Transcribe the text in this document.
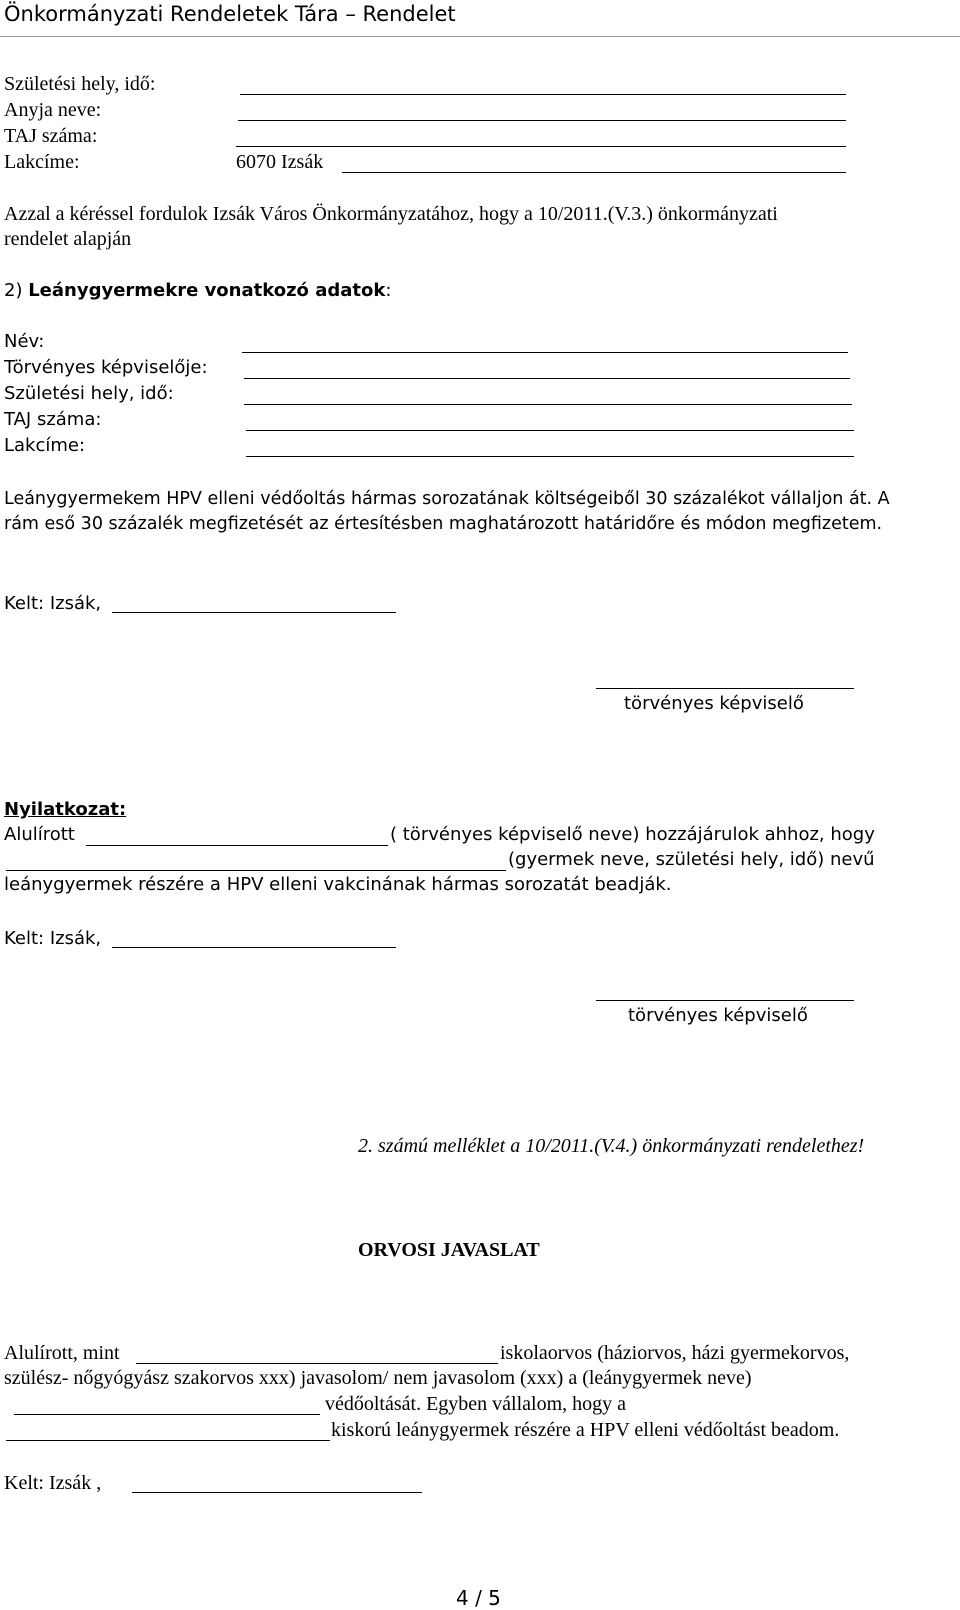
Önkormányzati Rendeletek Tára – Rendelet
Születési hely, idő:
Anyja neve:
TAJ száma:
Lakcíme:	6070 Izsák
Azzal a kéréssel fordulok Izsák Város Önkormányzatához, hogy a 10/2011.(V.3.) önkormányzati
rendelet alapján
2) Leánygyermekre vonatkozó adatok:
Név:
Törvényes képviselője:
Születési hely, idő:
TAJ száma:
Lakcíme:
Leánygyermekem HPV elleni védőoltás hármas sorozatának költségeiből 30 százalékot vállaljon át. A
rám eső 30 százalék megfizetését az értesítésben maghatározott határidőre és módon megfizetem.
Kelt: Izsák,
törvényes képviselő
Nyilatkozat:
Alulírott	( törvényes képviselő neve) hozzájárulok ahhoz, hogy
(gyermek neve, születési hely, idő) nevű
leánygyermek részére a HPV elleni vakcinának hármas sorozatát beadják.
Kelt: Izsák,
törvényes képviselő
2. számú melléklet a 10/2011.(V.4.) önkormányzati rendelethez!
ORVOSI JAVASLAT
Alulírott, mint	iskolaorvos (háziorvos, házi gyermekorvos,
szülész- nőgyógyász szakorvos xxx) javasolom/ nem javasolom (xxx) a (leánygyermek neve)
védőoltását. Egyben vállalom, hogy a
kiskorú leánygyermek részére a HPV elleni védőoltást beadom.
Kelt: Izsák ,
4 / 5
